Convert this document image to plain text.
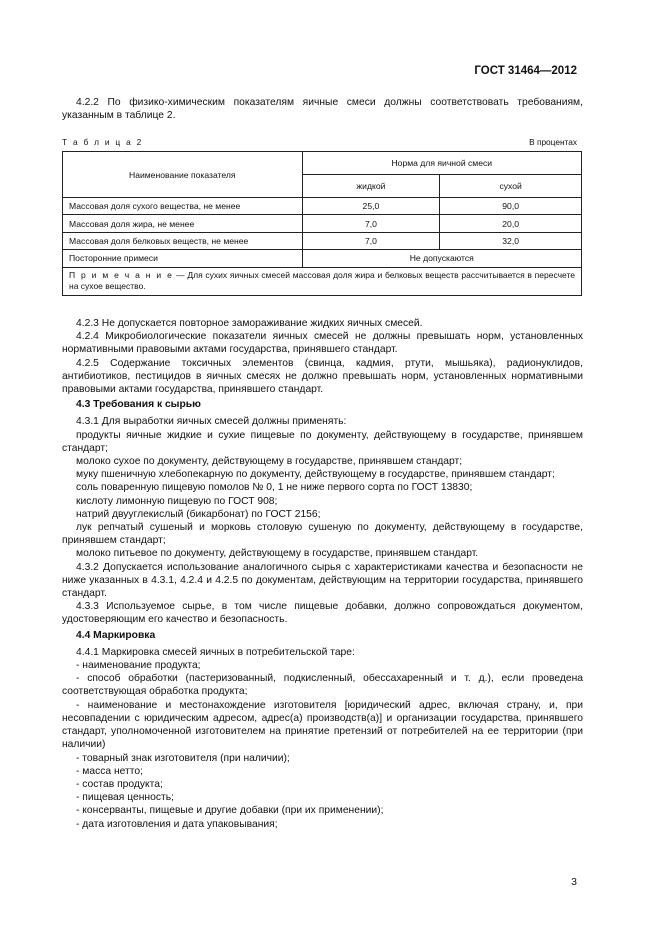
ГОСТ 31464—2012

4.2.2 По физико-химическим показателям яичные смеси должны соответствовать требованиям, указанным в таблице 2.

Т а б л и ц а 2	В процентах
Наименование показателя	Норма для яичной смеси	
	жидкой	сухой
Массовая доля сухого вещества, не менее	25,0	90,0
Массовая доля жира, не менее	7,0	20,0
Массовая доля белковых веществ, не менее	7,0	32,0
Посторонние примеси	Не допускаются	
П р и м е ч а н и е — Для сухих яичных смесей массовая доля жира и белковых веществ рассчитывается в пересчете на сухое вещество.		

4.2.3 Не допускается повторное замораживание жидких яичных смесей.

4.2.4 Микробиологические показатели яичных смесей не должны превышать норм, установленных нормативными правовыми актами государства, принявшего стандарт.

4.2.5 Содержание токсичных элементов (свинца, кадмия, ртути, мышьяка), радионуклидов, антибиотиков, пестицидов в яичных смесях не должно превышать норм, установленных нормативными правовыми актами государства, принявшего стандарт.

4.3 Требования к сырью

4.3.1 Для выработки яичных смесей должны применять:

продукты яичные жидкие и сухие пищевые по документу, действующему в государстве, принявшем стандарт;

молоко сухое по документу, действующему в государстве, принявшем стандарт;

муку пшеничную хлебопекарную по документу, действующему в государстве, принявшем стандарт;

соль поваренную пищевую помолов № 0, 1 не ниже первого сорта по ГОСТ 13830;

кислоту лимонную пищевую по ГОСТ 908;

натрий двууглекислый (бикарбонат) по ГОСТ 2156;

лук репчатый сушеный и морковь столовую сушеную по документу, действующему в государстве, принявшем стандарт;

молоко питьевое по документу, действующему в государстве, принявшем стандарт.

4.3.2 Допускается использование аналогичного сырья с характеристиками качества и безопасности не ниже указанных в 4.3.1, 4.2.4 и 4.2.5 по документам, действующим на территории государства, принявшего стандарт.

4.3.3 Используемое сырье, в том числе пищевые добавки, должно сопровождаться документом, удостоверяющим его качество и безопасность.

4.4 Маркировка

4.4.1 Маркировка смесей яичных в потребительской таре:

- наименование продукта;

- способ обработки (пастеризованный, подкисленный, обессахаренный и т. д.), если проведена соответствующая обработка продукта;

- наименование и местонахождение изготовителя [юридический адрес, включая страну, и, при несовпадении с юридическим адресом, адрес(а) производств(а)] и организации государства, принявшего стандарт, уполномоченной изготовителем на принятие претензий от потребителей на ее территории (при наличии)

- товарный знак изготовителя (при наличии);

- масса нетто;

- состав продукта;

- пищевая ценность;

- консерванты, пищевые и другие добавки (при их применении);

- дата изготовления и дата упаковывания;

3
